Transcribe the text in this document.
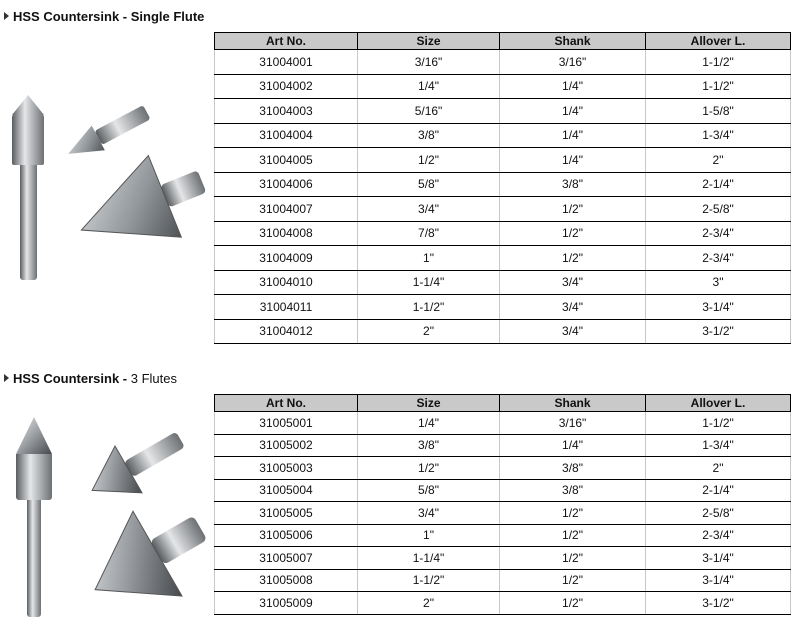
HSS Countersink - Single Flute
Art No.	Size	Shank	Allover L.
31004001	3/16"	3/16"	1-1/2"
31004002	1/4"	1/4"	1-1/2"
31004003	5/16"	1/4"	1-5/8"
31004004	3/8"	1/4"	1-3/4"
31004005	1/2"	1/4"	2"
31004006	5/8"	3/8"	2-1/4"
31004007	3/4"	1/2"	2-5/8"
31004008	7/8"	1/2"	2-3/4"
31004009	1"	1/2"	2-3/4"
31004010	1-1/4"	3/4"	3"
31004011	1-1/2"	3/4"	3-1/4"
31004012	2"	3/4"	3-1/2"
HSS Countersink - 3 Flutes
Art No.	Size	Shank	Allover L.
31005001	1/4"	3/16"	1-1/2"
31005002	3/8"	1/4"	1-3/4"
31005003	1/2"	3/8"	2"
31005004	5/8"	3/8"	2-1/4"
31005005	3/4"	1/2"	2-5/8"
31005006	1"	1/2"	2-3/4"
31005007	1-1/4"	1/2"	3-1/4"
31005008	1-1/2"	1/2"	3-1/4"
31005009	2"	1/2"	3-1/2"
